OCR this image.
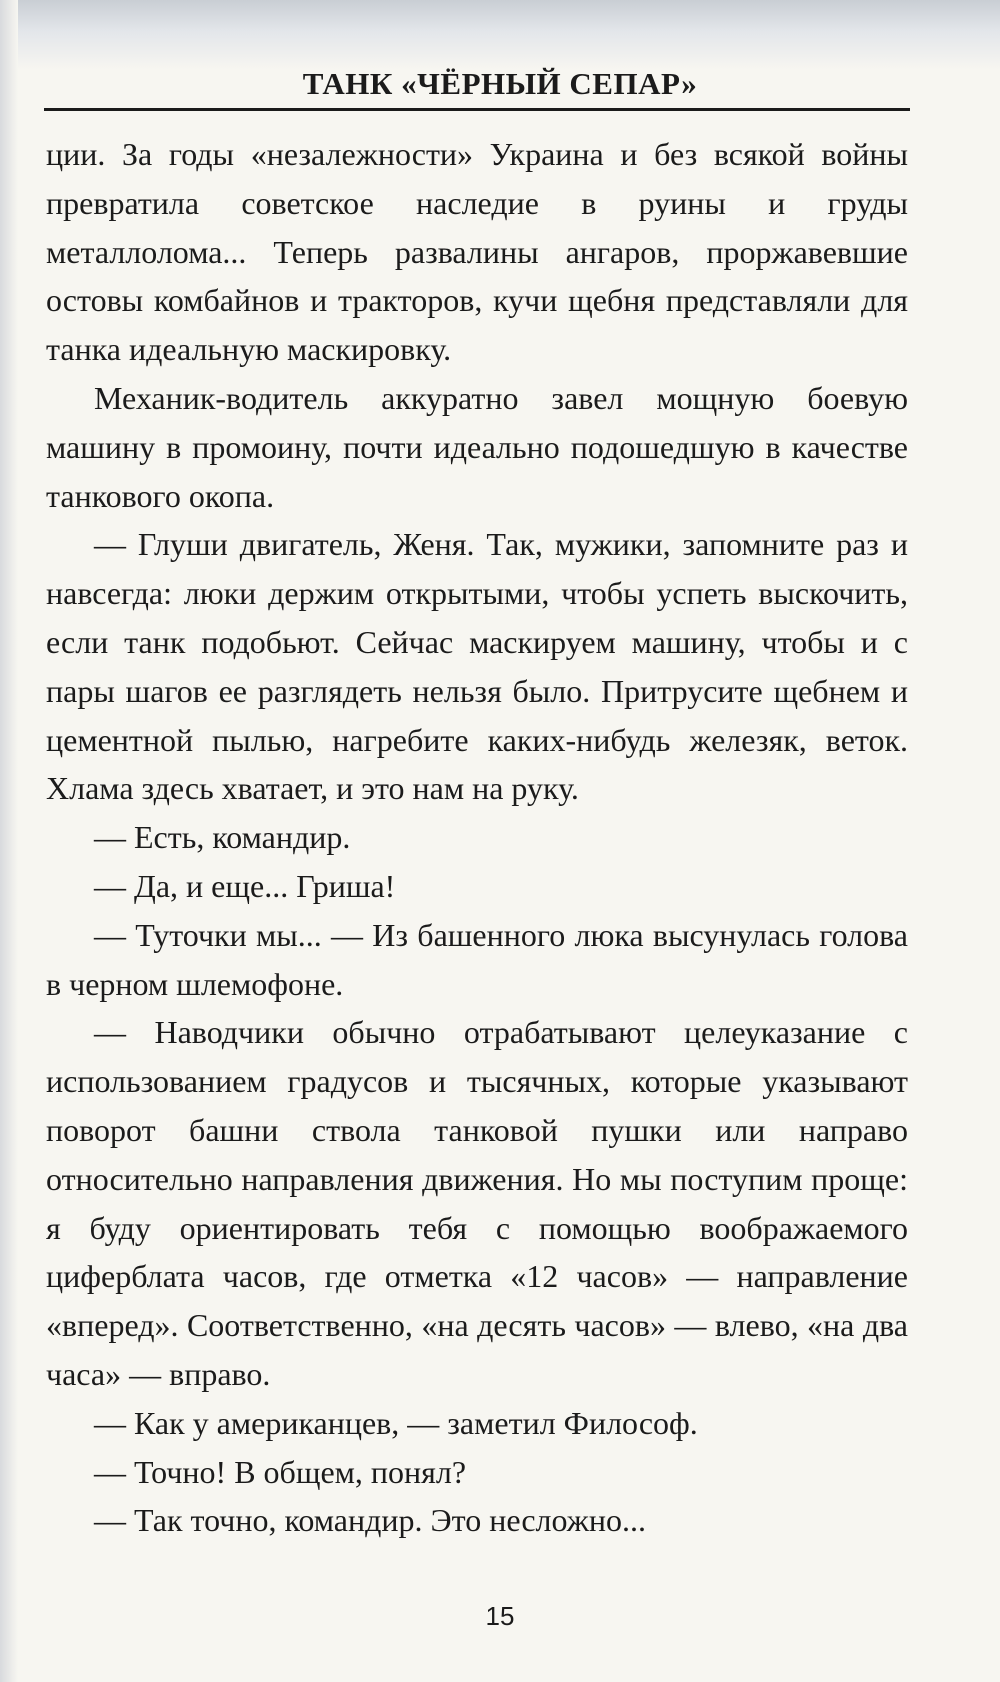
ТАНК «ЧЁРНЫЙ СЕПАР»

ции. За годы «незалежности» Украина и без всякой войны превратила советское наследие в руины и груды металлолома... Теперь развалины ангаров, проржавевшие остовы комбайнов и тракторов, кучи щебня представляли для танка идеальную маскировку.

Механик-водитель аккуратно завел мощную боевую машину в промоину, почти идеально подошедшую в качестве танкового окопа.

— Глуши двигатель, Женя. Так, мужики, запомните раз и навсегда: люки держим открытыми, чтобы успеть выскочить, если танк подобьют. Сейчас маскируем машину, чтобы и с пары шагов ее разглядеть нельзя было. Притрусите щебнем и цементной пылью, нагребите каких-нибудь железяк, веток. Хлама здесь хватает, и это нам на руку.

— Есть, командир.

— Да, и еще... Гриша!

— Туточки мы... — Из башенного люка высунулась голова в черном шлемофоне.

— Наводчики обычно отрабатывают целеуказание с использованием градусов и тысячных, которые указывают поворот башни ствола танковой пушки или направо относительно направления движения. Но мы поступим проще: я буду ориентировать тебя с помощью воображаемого циферблата часов, где отметка «12 часов» — направление «вперед». Соответственно, «на десять часов» — влево, «на два часа» — вправо.

— Как у американцев, — заметил Философ.

— Точно! В общем, понял?

— Так точно, командир. Это несложно...

15
